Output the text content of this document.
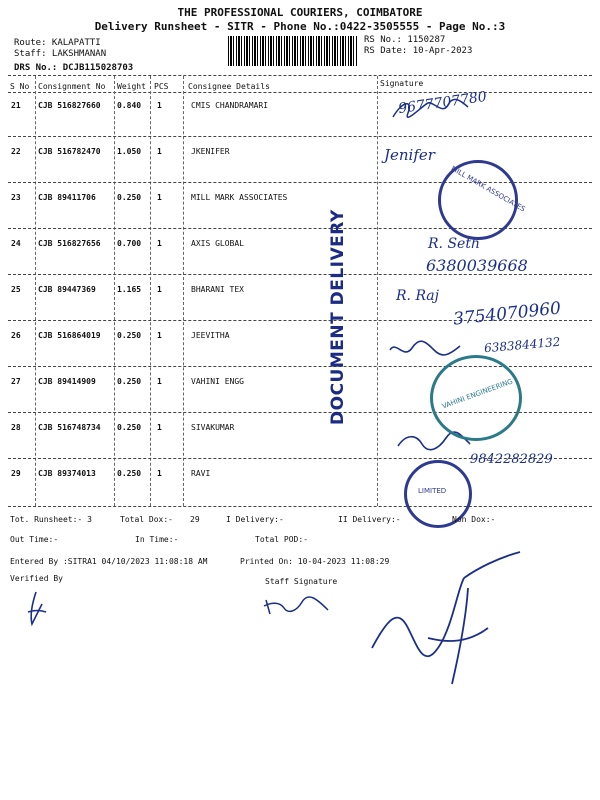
THE PROFESSIONAL COURIERS, COIMBATORE
Delivery Runsheet - SITR - Phone No.:0422-3505555 - Page No.:3
Route: KALAPATTI
Staff: LAKSHMANAN
DRS No.: DCJB115028703
RS No.: 1150287
RS Date: 10-Apr-2023
S No Consignment No Weight PCS Consignee Details	Signature
21 CJB 516827660 0.840 1	CMIS CHANDRAMARI
22 CJB 516782470 1.050 1	JKENIFER
23 CJB 89411706	0.250 1	MILL MARK ASSOCIATES
24 CJB 516827656 0.700 1	AXIS GLOBAL
25 CJB 89447369	1.165 1	BHARANI TEX
26 CJB 516864019 0.250 1	JEEVITHA
27 CJB 89414909	0.250 1	VAHINI ENGG
28 CJB 516748734 0.250 1	SIVAKUMAR
29 CJB 89374013	0.250 1	RAVI
DOCUMENT DELIVERY
9677707780
Jenifer
R. Seth
6380039668
R. Raj
3754070960
6383844132
9842282829
MILL MARK ASSOCIATES
VAHINI ENGINEERING
LIMITED
Tot. Runsheet:- 3	Total Dox:- 29	I Delivery:-	II Delivery:-	Non Dox:-
Out Time:-	In Time:-	Total POD:-
Entered By :SITRA1 04/10/2023 11:08:18 AM	Printed On: 10-04-2023 11:08:29
Verified By	Staff Signature
